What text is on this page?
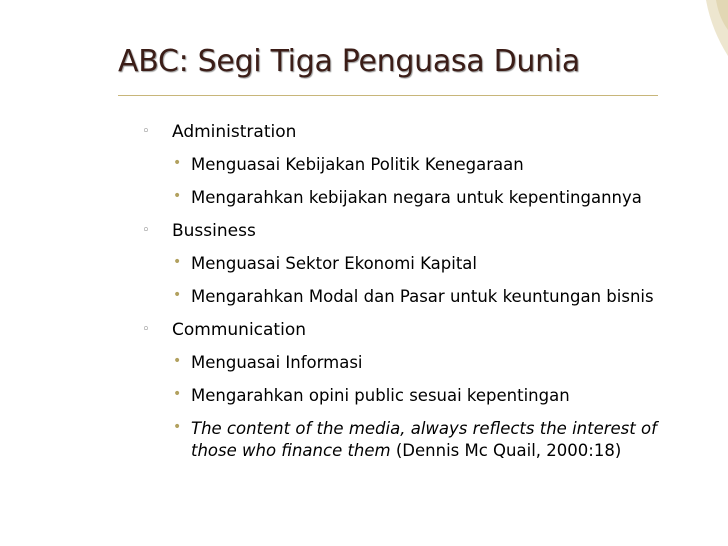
ABC: Segi Tiga Penguasa Dunia
◦ Administration
• Menguasai Kebijakan Politik Kenegaraan
• Mengarahkan kebijakan negara untuk kepentingannya
◦ Bussiness
• Menguasai Sektor Ekonomi Kapital
• Mengarahkan Modal dan Pasar untuk keuntungan bisnis
◦ Communication
• Menguasai Informasi
• Mengarahkan opini public sesuai kepentingan
• The content of the media, always reflects the interest of those who finance them (Dennis Mc Quail, 2000:18)
